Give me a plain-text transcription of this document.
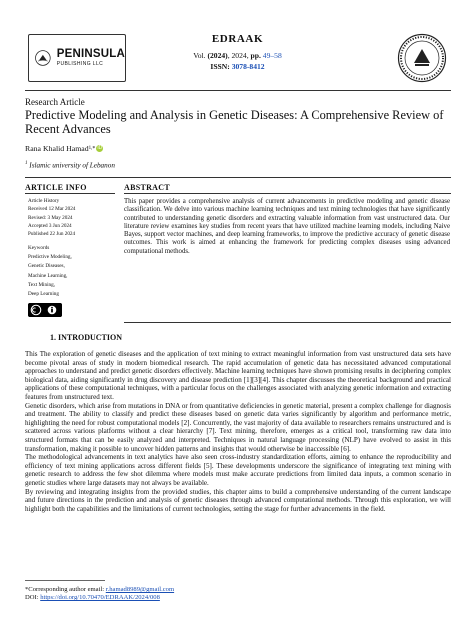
PENINSULA
PUBLISHING LLC
EDRAAK
Vol. (2024), 2024, pp. 49–58
ISSN: 3078-8412
Research Article
Predictive Modeling and Analysis in Genetic Diseases: A Comprehensive Review of Recent Advances
Rana Khalid Hamad 1, * iD
$^1$ Islamic university of Lebanon
ARTICLE INFO	ABSTRACT
Article History
Received 12 Mar 2024
Revised: 3 May 2024
Accepted 3 Jun 2024
Published 22 Jun 2024
Keywords
Predictive Modeling,
Genetic Diseases,
Machine Learning,
Text Mining,
Deep Learning
This paper provides a comprehensive analysis of current advancements in predictive modeling and genetic disease classification. We delve into various machine learning techniques and text mining technologies that have significantly contributed to understanding genetic disorders and extracting valuable information from vast unstructured data. Our literature review examines key studies from recent years that have utilized machine learning models, including Naive Bayes, support vector machines, and deep learning frameworks, to improve the predictive accuracy of genetic disease outcomes. This work is aimed at enhancing the framework for predicting complex diseases using advanced computational methods.
1. INTRODUCTION

This The exploration of genetic diseases and the application of text mining to extract meaningful information from vast unstructured data sets have become pivotal areas of study in modern biomedical research. The rapid accumulation of genetic data has necessitated advanced computational approaches to understand and predict genetic disorders effectively. Machine learning techniques have shown promising results in deciphering complex biological data, aiding significantly in drug discovery and disease prediction [1][3][4]. This chapter discusses the theoretical background and practical applications of these computational techniques, with a particular focus on the challenges associated with analyzing genetic information and extracting features from unstructured text.

Genetic disorders, which arise from mutations in DNA or from quantitative deficiencies in genetic material, present a complex challenge for diagnosis and treatment. The ability to classify and predict these diseases based on genetic data varies significantly by algorithm and performance metric, highlighting the need for robust computational models [2]. Concurrently, the vast majority of data available to researchers remains unstructured and is scattered across various platforms without a clear hierarchy [7]. Text mining, therefore, emerges as a critical tool, transforming raw data into structured formats that can be easily analyzed and interpreted. Techniques in natural language processing (NLP) have evolved to assist in this transformation, making it possible to uncover hidden patterns and insights that would otherwise be inaccessible [6].

The methodological advancements in text analytics have also seen cross-industry standardization efforts, aiming to enhance the reproducibility and efficiency of text mining applications across different fields [5]. These developments underscore the significance of integrating text mining with genetic research to address the few shot dilemma where models must make accurate predictions from limited data inputs, a common scenario in genetic studies where large datasets may not always be available.

By reviewing and integrating insights from the provided studies, this chapter aims to build a comprehensive understanding of the current landscape and future directions in the prediction and analysis of genetic diseases through advanced computational methods. Through this exploration, we will highlight both the capabilities and the limitations of current technologies, setting the stage for further advancements in the field.

*Corresponding author email: r.hamad8989@gmail.com
DOI: https://doi.org/10.70470/EDRAAK/2024/008
